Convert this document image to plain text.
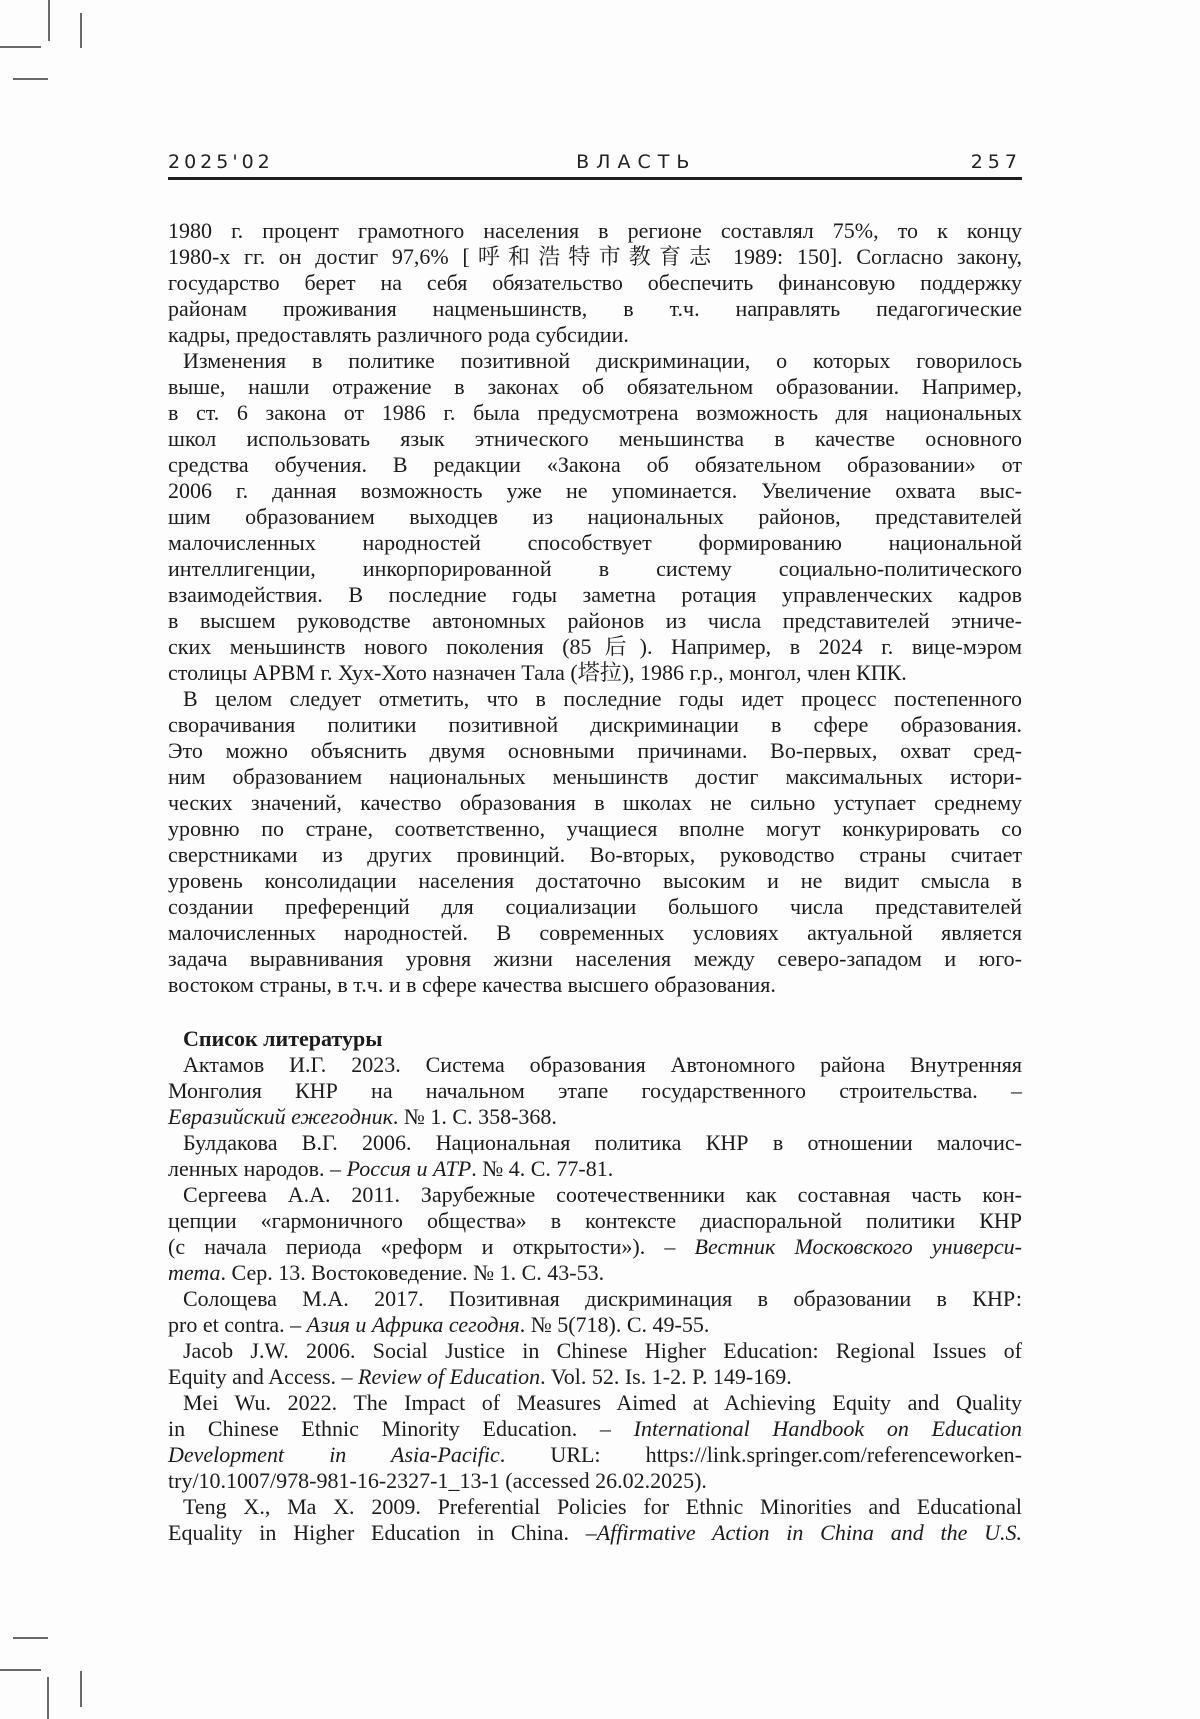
2025'02	ВЛАСТЬ	257
1980 г. процент грамотного населения в регионе составлял 75%, то к концу
1980-х гг. он достиг 97,6% [呼和浩特市教育志 1989: 150]. Согласно закону,
государство берет на себя обязательство обеспечить финансовую поддержку
районам проживания нацменьшинств, в т.ч. направлять педагогические
кадры, предоставлять различного рода субсидии.
Изменения в политике позитивной дискриминации, о которых говорилось
выше, нашли отражение в законах об обязательном образовании. Например,
в ст. 6 закона от 1986 г. была предусмотрена возможность для национальных
школ использовать язык этнического меньшинства в качестве основного
средства обучения. В редакции «Закона об обязательном образовании» от
2006 г. данная возможность уже не упоминается. Увеличение охвата выс-
шим образованием выходцев из национальных районов, представителей
малочисленных народностей способствует формированию национальной
интеллигенции, инкорпорированной в систему социально-политического
взаимодействия. В последние годы заметна ротация управленческих кадров
в высшем руководстве автономных районов из числа представителей этниче-
ских меньшинств нового поколения (85后). Например, в 2024 г. вице-мэром
столицы АРВМ г. Хух-Хото назначен Тала (塔拉), 1986 г.р., монгол, член КПК.
В целом следует отметить, что в последние годы идет процесс постепенного
сворачивания политики позитивной дискриминации в сфере образования.
Это можно объяснить двумя основными причинами. Во-первых, охват сред-
ним образованием национальных меньшинств достиг максимальных истори-
ческих значений, качество образования в школах не сильно уступает среднему
уровню по стране, соответственно, учащиеся вполне могут конкурировать со
сверстниками из других провинций. Во-вторых, руководство страны считает
уровень консолидации населения достаточно высоким и не видит смысла в
создании преференций для социализации большого числа представителей
малочисленных народностей. В современных условиях актуальной является
задача выравнивания уровня жизни населения между северо-западом и юго-
востоком страны, в т.ч. и в сфере качества высшего образования.
Список литературы
Актамов И.Г. 2023. Система образования Автономного района Внутренняя
Монголия КНР на начальном этапе государственного строительства. –
Евразийский ежегодник. № 1. С. 358-368.
Булдакова В.Г. 2006. Национальная политика КНР в отношении малочис-
ленных народов. – Россия и АТР. № 4. С. 77-81.
Сергеева А.А. 2011. Зарубежные соотечественники как составная часть кон-
цепции «гармоничного общества» в контексте диаспоральной политики КНР
(с начала периода «реформ и открытости»). – Вестник Московского универси-
тета. Сер. 13. Востоковедение. № 1. С. 43-53.
Солощева М.А. 2017. Позитивная дискриминация в образовании в КНР:
pro et contra. – Азия и Африка сегодня. № 5(718). С. 49-55.
Jacob J.W. 2006. Social Justice in Chinese Higher Education: Regional Issues of
Equity and Access. – Review of Education. Vol. 52. Is. 1-2. P. 149-169.
Mei Wu. 2022. The Impact of Measures Aimed at Achieving Equity and Quality
in Chinese Ethnic Minority Education. – International Handbook on Education
Development in Asia-Pacific. URL: https://link.springer.com/referenceworken-
try/10.1007/978-981-16-2327-1_13-1 (accessed 26.02.2025).
Teng X., Ma X. 2009. Preferential Policies for Ethnic Minorities and Educational
Equality in Higher Education in China. –Affirmative Action in China and the U.S.
